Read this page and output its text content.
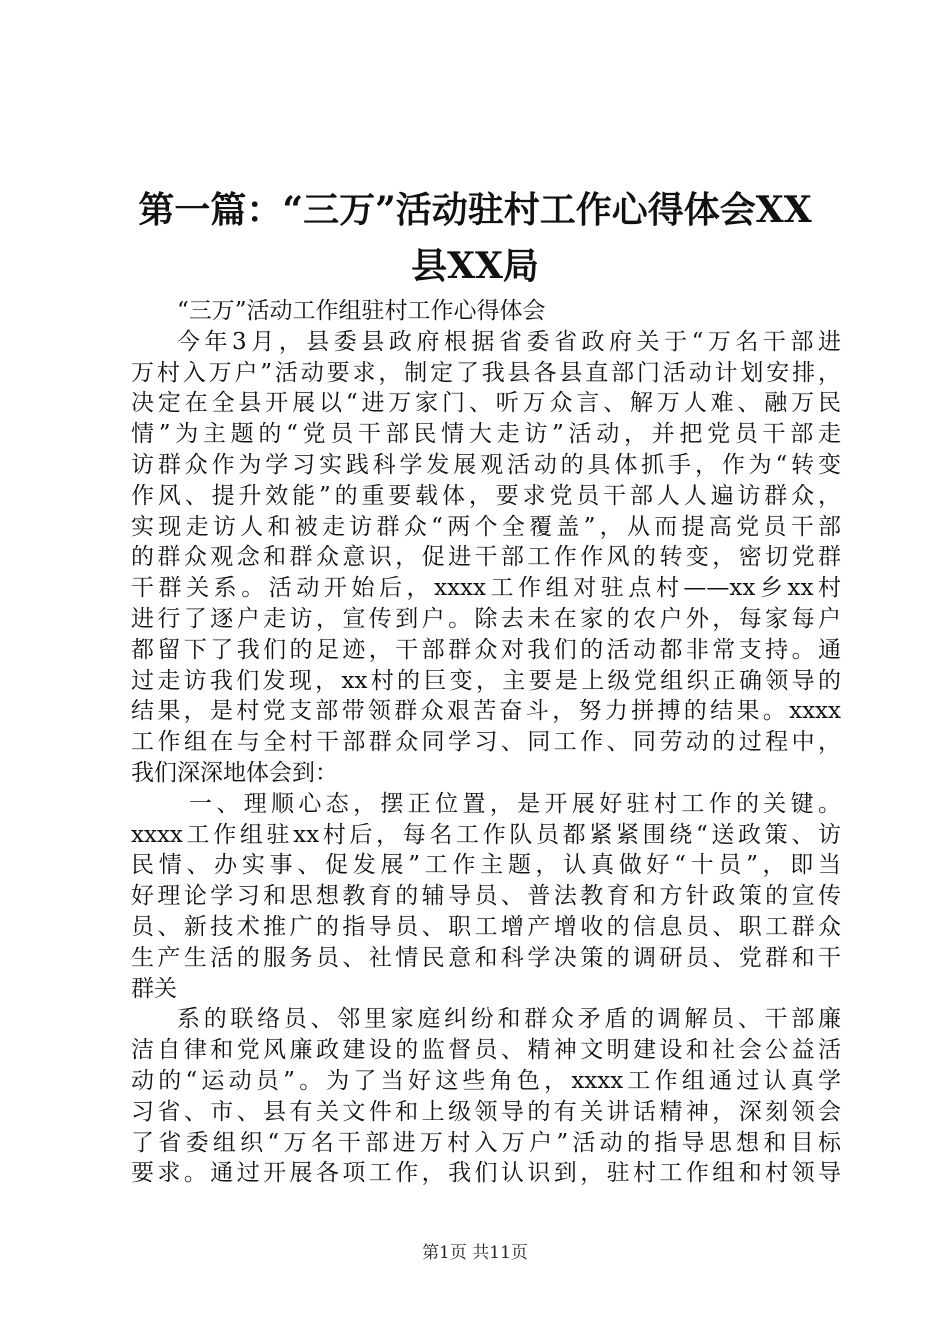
第一篇：“三万”活动驻村工作心得体会XX
县XX局
“三万”活动工作组驻村工作心得体会
今年3月，县委县政府根据省委省政府关于“万名干部进
万村入万户”活动要求，制定了我县各县直部门活动计划安排，
决定在全县开展以“进万家门、听万众言、解万人难、融万民
情”为主题的“党员干部民情大走访”活动，并把党员干部走
访群众作为学习实践科学发展观活动的具体抓手，作为“转变
作风、提升效能”的重要载体，要求党员干部人人遍访群众，
实现走访人和被走访群众“两个全覆盖”，从而提高党员干部
的群众观念和群众意识，促进干部工作作风的转变，密切党群
干群关系。活动开始后，xxxx工作组对驻点村——xx乡xx村
进行了逐户走访，宣传到户。除去未在家的农户外，每家每户
都留下了我们的足迹，干部群众对我们的活动都非常支持。通
过走访我们发现，xx村的巨变，主要是上级党组织正确领导的
结果，是村党支部带领群众艰苦奋斗，努力拼搏的结果。xxxx
工作组在与全村干部群众同学习、同工作、同劳动的过程中，
我们深深地体会到：
一、理顺心态，摆正位置，是开展好驻村工作的关键。
xxxx工作组驻xx村后，每名工作队员都紧紧围绕“送政策、访
民情、办实事、促发展”工作主题，认真做好“十员”，即当
好理论学习和思想教育的辅导员、普法教育和方针政策的宣传
员、新技术推广的指导员、职工增产增收的信息员、职工群众
生产生活的服务员、社情民意和科学决策的调研员、党群和干
群关
系的联络员、邻里家庭纠纷和群众矛盾的调解员、干部廉
洁自律和党风廉政建设的监督员、精神文明建设和社会公益活
动的“运动员”。为了当好这些角色，xxxx工作组通过认真学
习省、市、县有关文件和上级领导的有关讲话精神，深刻领会
了省委组织“万名干部进万村入万户”活动的指导思想和目标
要求。通过开展各项工作，我们认识到，驻村工作组和村领导
第1页 共11页
